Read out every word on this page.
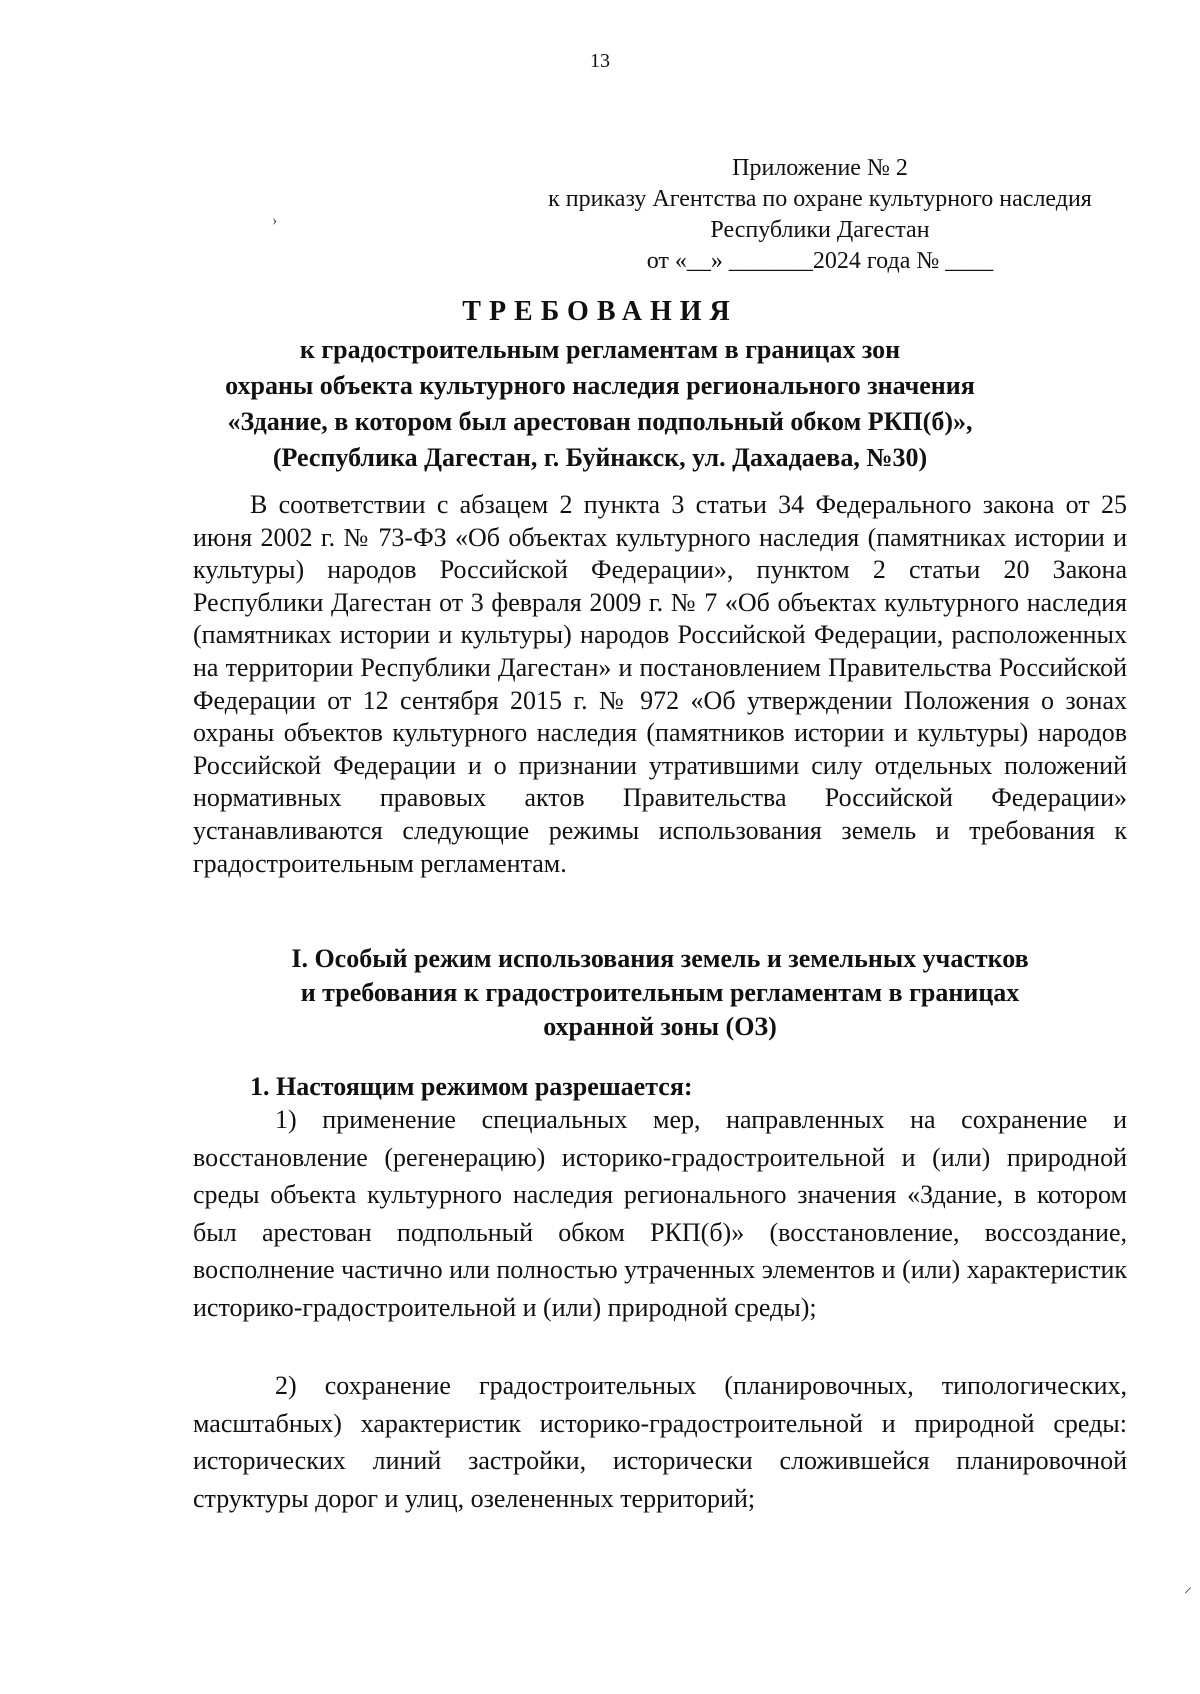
13
Приложение № 2
к приказу Агентства по охране культурного наследия
Республики Дагестан
от «__» _______2024 года № ____
ТРЕБОВАНИЯ
к градостроительным регламентам в границах зон
охраны объекта культурного наследия регионального значения
«Здание, в котором был арестован подпольный обком РКП(б)»,
(Республика Дагестан, г. Буйнакск, ул. Дахадаева, №30)
В соответствии с абзацем 2 пункта 3 статьи 34 Федерального закона от 25 июня 2002 г. № 73-ФЗ «Об объектах культурного наследия (памятниках истории и культуры) народов Российской Федерации», пунктом 2 статьи 20 Закона Республики Дагестан от 3 февраля 2009 г. № 7 «Об объектах культурного наследия (памятниках истории и культуры) народов Российской Федерации, расположенных на территории Республики Дагестан» и постановлением Правительства Российской Федерации от 12 сентября 2015 г. № 972 «Об утверждении Положения о зонах охраны объектов культурного наследия (памятников истории и культуры) народов Российской Федерации и о признании утратившими силу отдельных положений нормативных правовых актов Правительства Российской Федерации» устанавливаются следующие режимы использования земель и требования к градостроительным регламентам.
I. Особый режим использования земель и земельных участков
и требования к градостроительным регламентам в границах
охранной зоны (ОЗ)
1. Настоящим режимом разрешается:
1) применение специальных мер, направленных на сохранение и восстановление (регенерацию) историко-градостроительной и (или) природной среды объекта культурного наследия регионального значения «Здание, в котором был арестован подпольный обком РКП(б)» (восстановление, воссоздание, восполнение частично или полностью утраченных элементов и (или) характеристик историко-градостроительной и (или) природной среды);
2) сохранение градостроительных (планировочных, типологических, масштабных) характеристик историко-градостроительной и природной среды: исторических линий застройки, исторически сложившейся планировочной структуры дорог и улиц, озелененных территорий;
›
⸝
